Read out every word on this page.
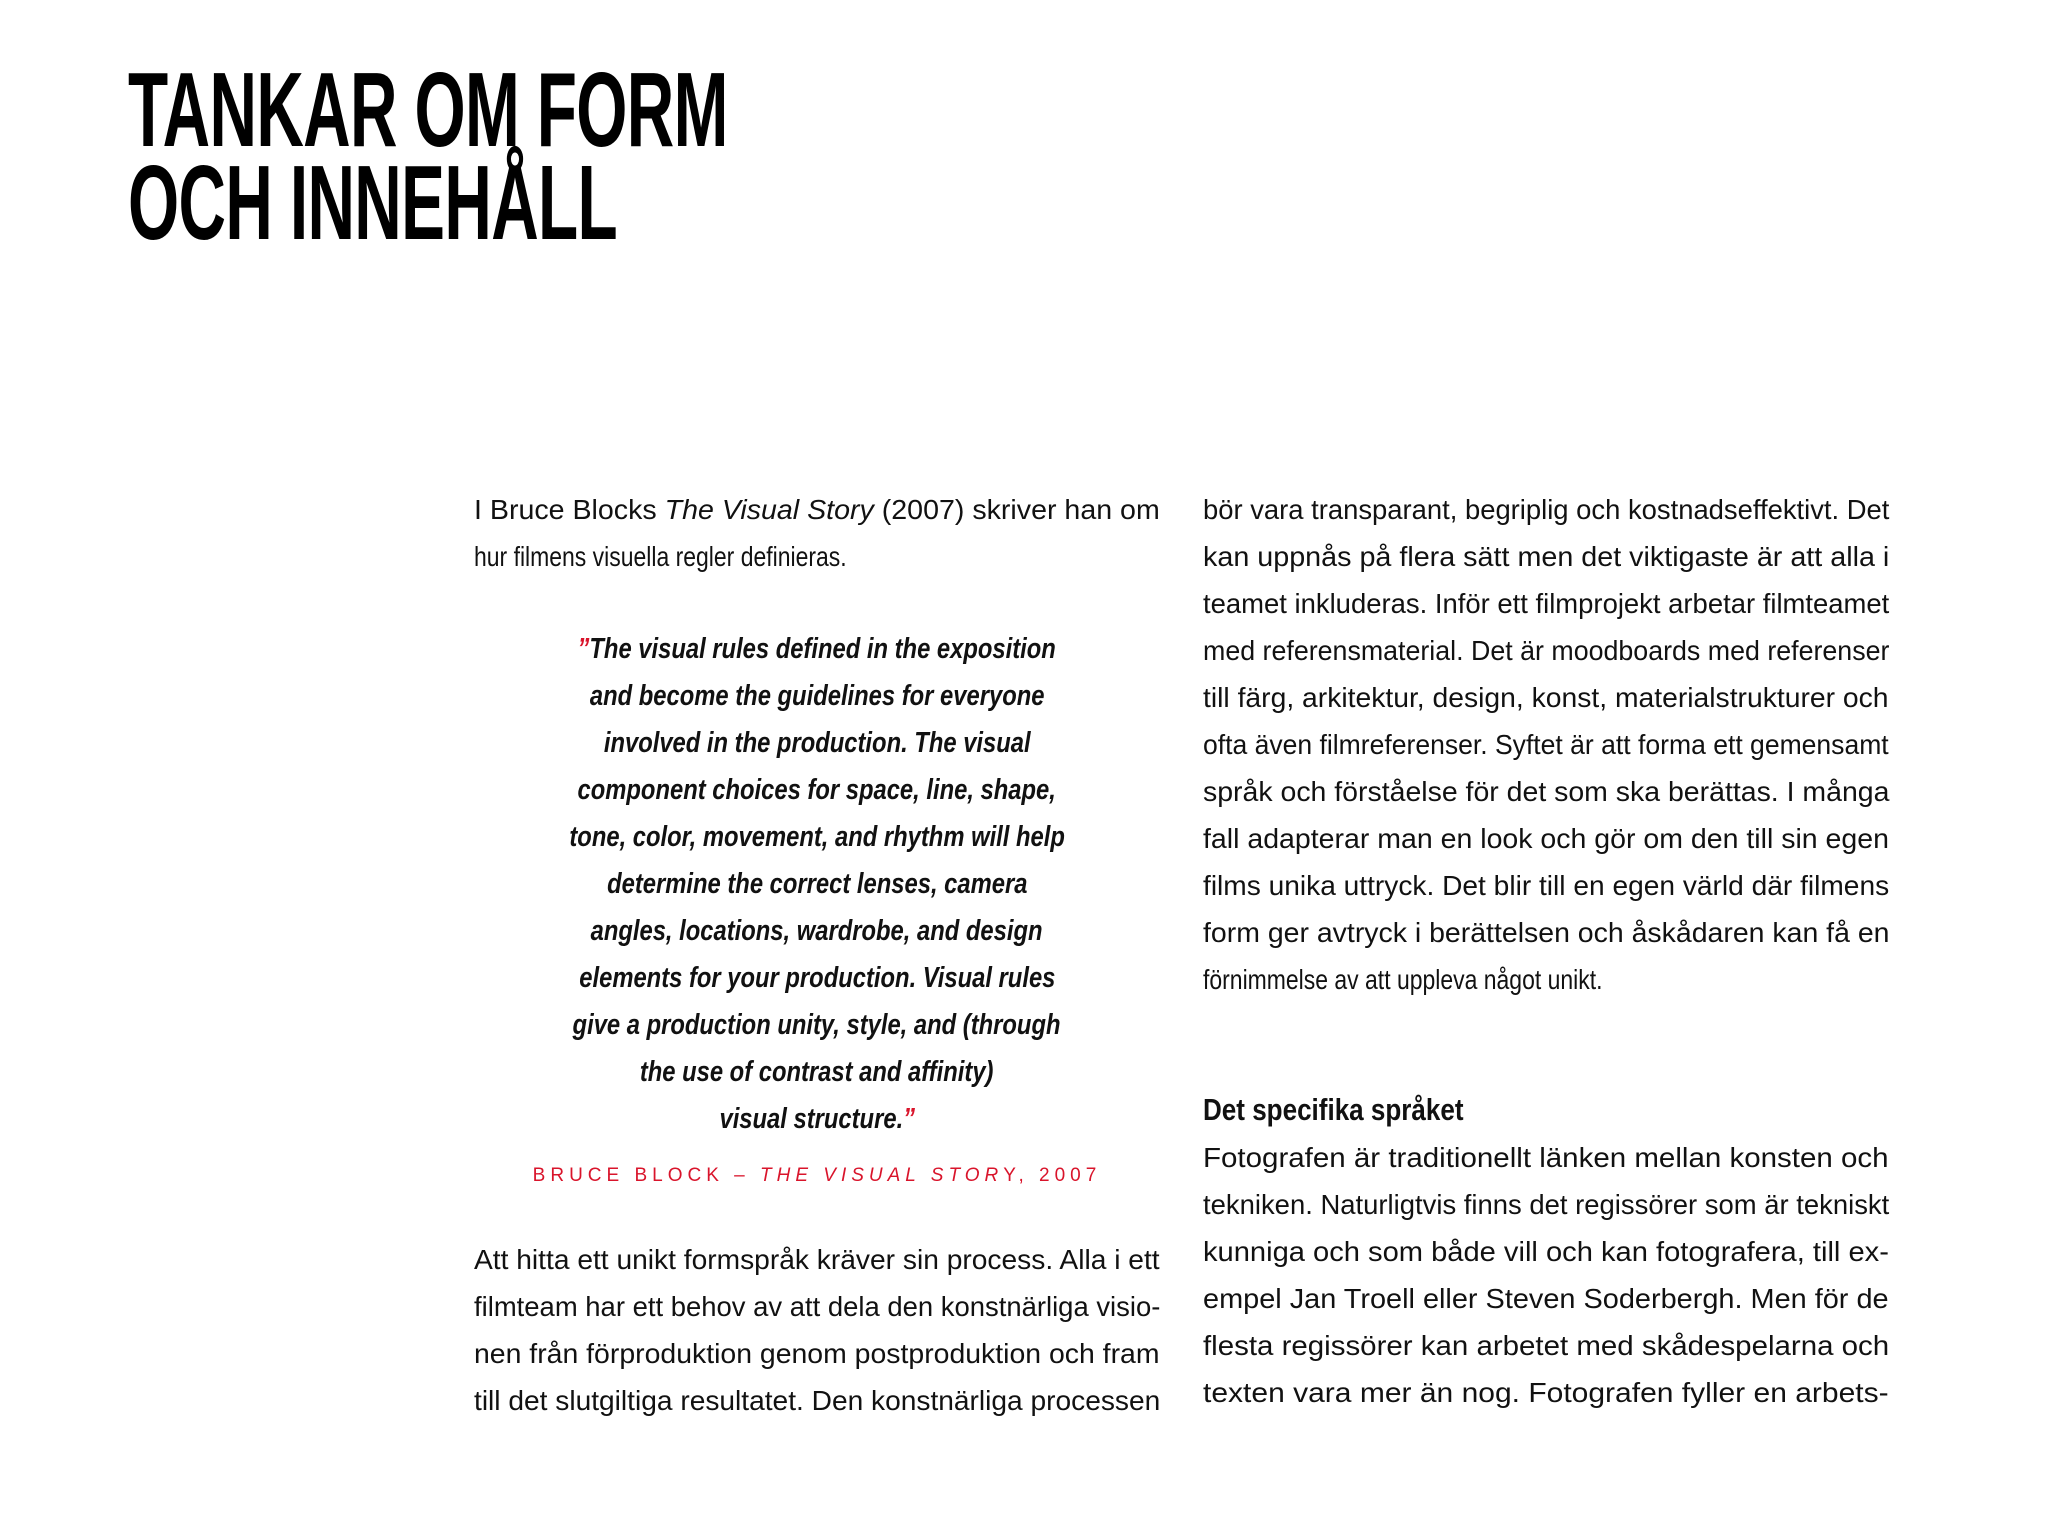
TANKAR OM FORM
OCH INNEHÅLL
I Bruce Blocks The Visual Story (2007) skriver han om
hur filmens visuella regler definieras.
”The visual rules defined in the exposition
and become the guidelines for everyone
involved in the production. The visual
component choices for space, line, shape,
tone, color, movement, and rhythm will help
determine the correct lenses, camera
angles, locations, wardrobe, and design
elements for your production. Visual rules
give a production unity, style, and (through
the use of contrast and affinity)
visual structure.”
BRUCE BLOCK – THE VISUAL STORY, 2007
Att hitta ett unikt formspråk kräver sin process. Alla i ett
filmteam har ett behov av att dela den konstnärliga visio-
nen från förproduktion genom postproduktion och fram
till det slutgiltiga resultatet. Den konstnärliga processen
bör vara transparant, begriplig och kostnadseffektivt. Det
kan uppnås på flera sätt men det viktigaste är att alla i
teamet inkluderas. Inför ett filmprojekt arbetar filmteamet
med referensmaterial. Det är moodboards med referenser
till färg, arkitektur, design, konst, materialstrukturer och
ofta även filmreferenser. Syftet är att forma ett gemensamt
språk och förståelse för det som ska berättas. I många
fall adapterar man en look och gör om den till sin egen
films unika uttryck. Det blir till en egen värld där filmens
form ger avtryck i berättelsen och åskådaren kan få en
förnimmelse av att uppleva något unikt.
Det specifika språket
Fotografen är traditionellt länken mellan konsten och
tekniken. Naturligtvis finns det regissörer som är tekniskt
kunniga och som både vill och kan fotografera, till ex-
empel Jan Troell eller Steven Soderbergh. Men för de
flesta regissörer kan arbetet med skådespelarna och
texten vara mer än nog. Fotografen fyller en arbets-
